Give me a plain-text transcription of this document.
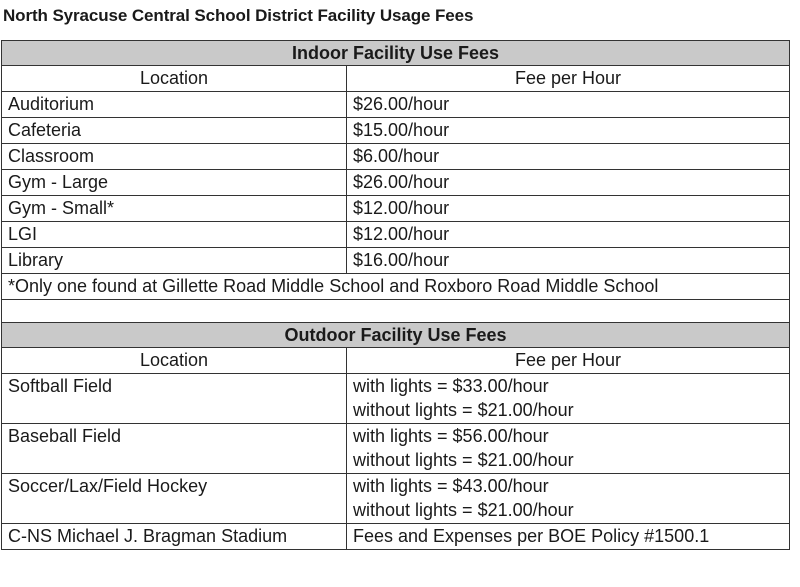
North Syracuse Central School District Facility Usage Fees
Indoor Facility Use Fees	
Location	Fee per Hour
Auditorium	$26.00/hour
Cafeteria	$15.00/hour
Classroom	$6.00/hour
Gym - Large	$26.00/hour
Gym - Small*	$12.00/hour
LGI	$12.00/hour
Library	$16.00/hour
*Only one found at Gillette Road Middle School and Roxboro Road Middle School	

Outdoor Facility Use Fees	
Location	Fee per Hour
Softball Field	with lights = $33.00/hour
without lights = $21.00/hour

Baseball Field	with lights = $56.00/hour
without lights = $21.00/hour

Soccer/Lax/Field Hockey	with lights = $43.00/hour
without lights = $21.00/hour

C-NS Michael J. Bragman Stadium	Fees and Expenses per BOE Policy #1500.1
